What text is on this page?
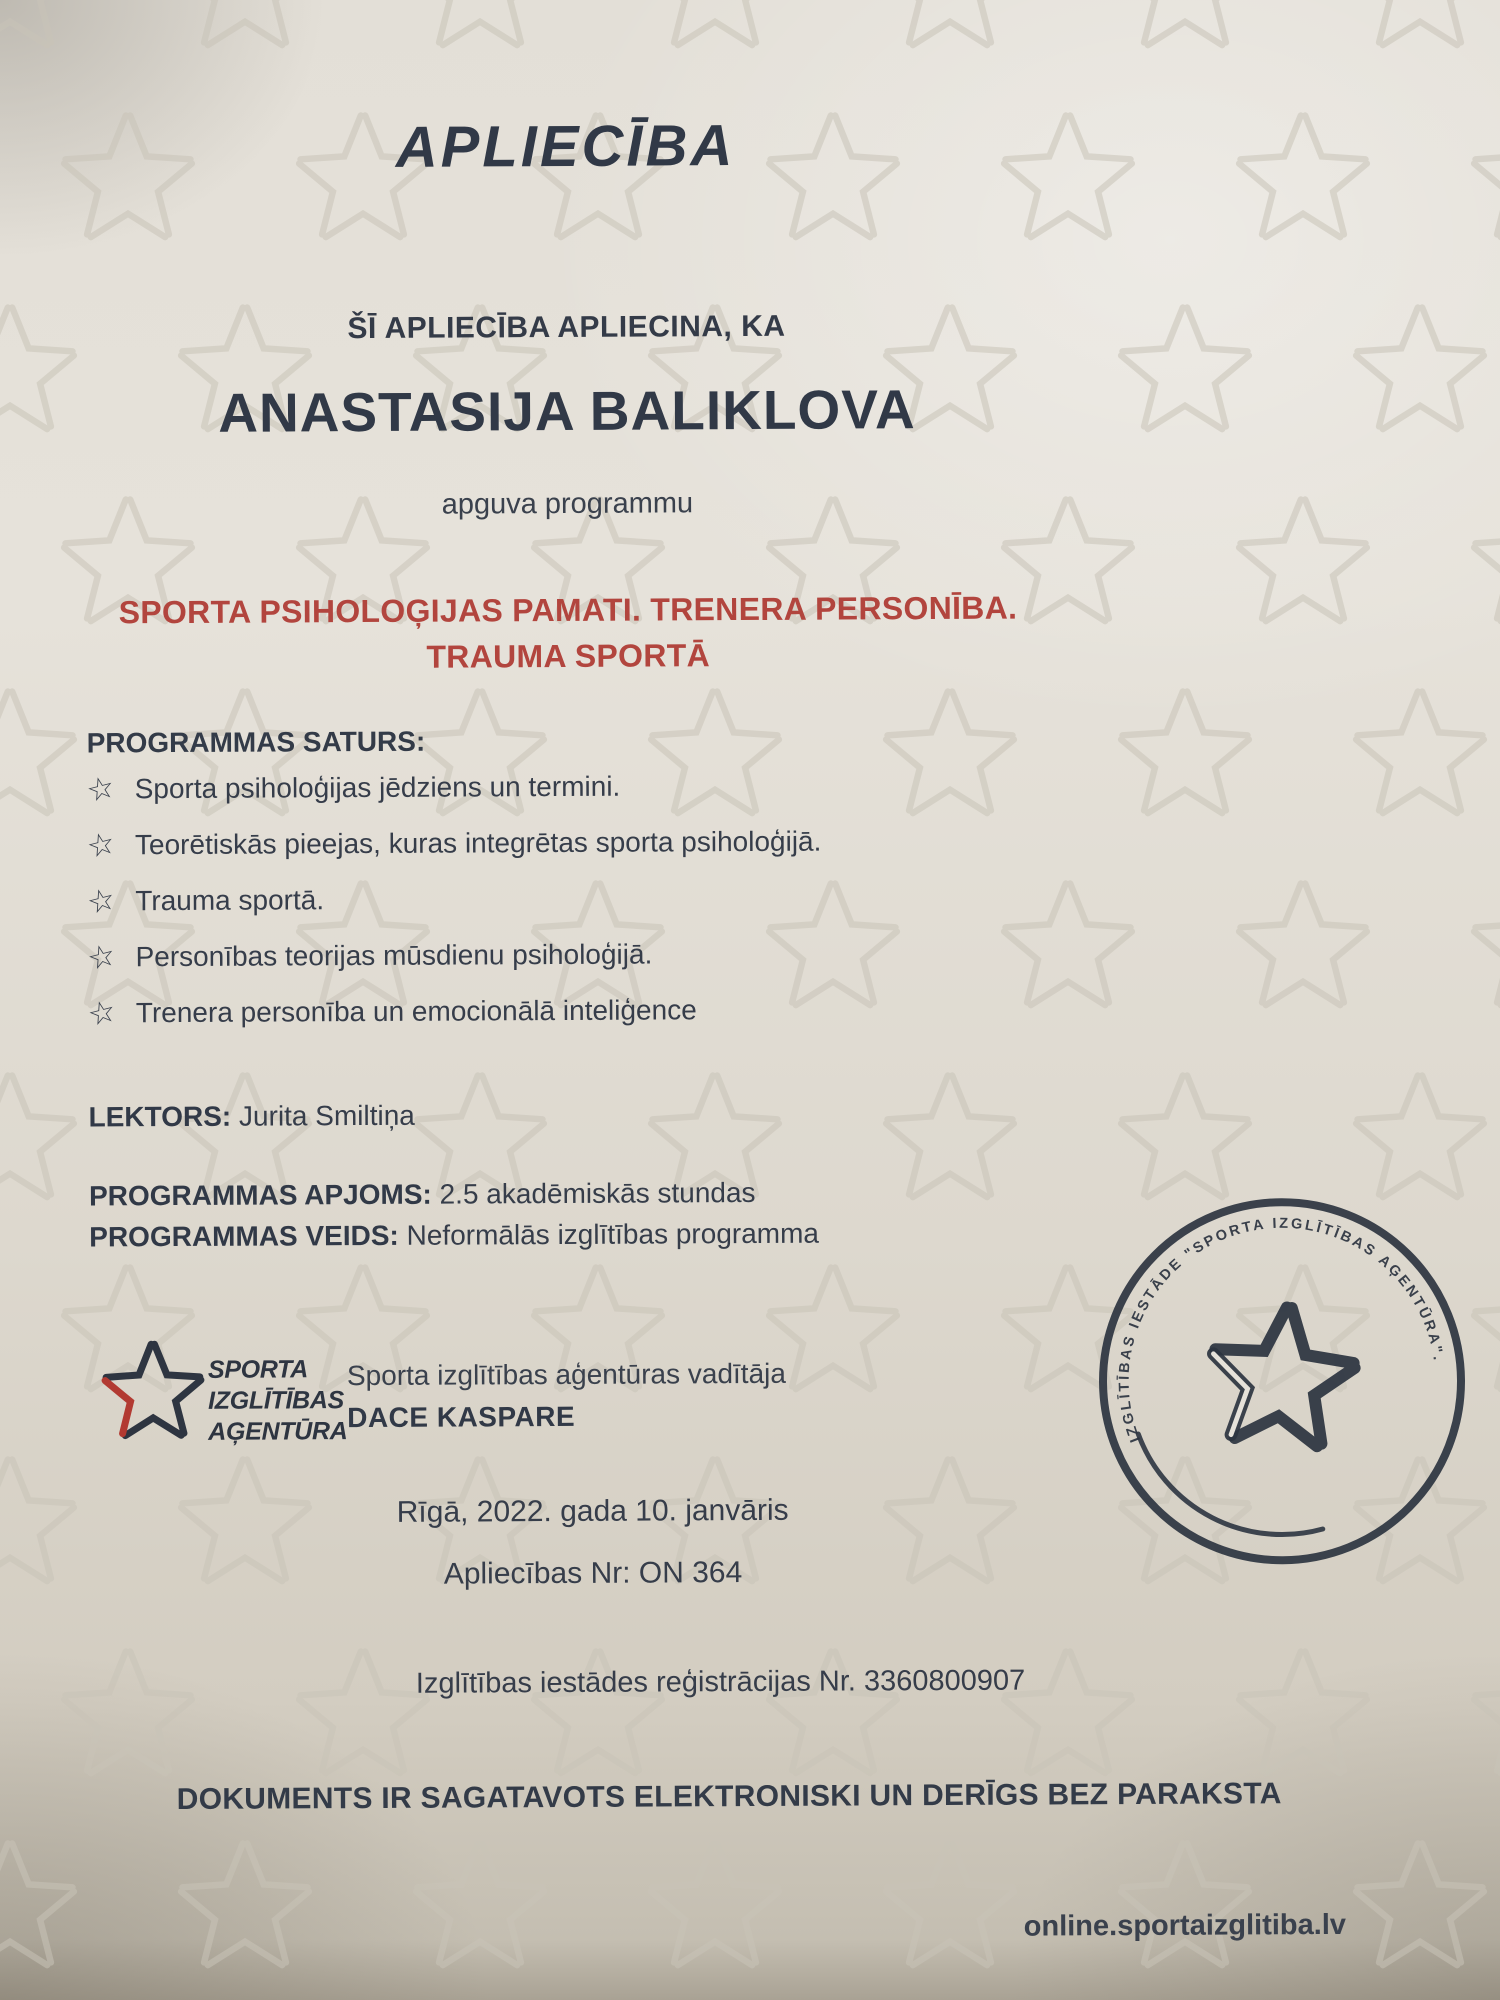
APLIECĪBA
ŠĪ APLIECĪBA APLIECINA, KA
ANASTASIJA BALIKLOVA
apguva programmu
SPORTA PSIHOLOĢIJAS PAMATI. TRENERA PERSONĪBA.
TRAUMA SPORTĀ
PROGRAMMAS SATURS:
☆ Sporta psiholoģijas jēdziens un termini.
☆ Teorētiskās pieejas, kuras integrētas sporta psiholoģijā.
☆ Trauma sportā.
☆ Personības teorijas mūsdienu psiholoģijā.
☆ Trenera personība un emocionālā inteliģence
LEKTORS: Jurita Smiltiņa
PROGRAMMAS APJOMS: 2.5 akadēmiskās stundas
PROGRAMMAS VEIDS: Neformālās izglītības programma
SPORTA
IZGLĪTĪBAS
AĢENTŪRA
Sporta izglītības aģentūras vadītāja
DACE KASPARE
IZGLĪTĪBAS IESTĀDE "SPORTA IZGLĪTĪBAS AĢENTŪRA".
Rīgā, 2022. gada 10. janvāris
Apliecības Nr: ON 364
Izglītības iestādes reģistrācijas Nr. 3360800907
DOKUMENTS IR SAGATAVOTS ELEKTRONISKI UN DERĪGS BEZ PARAKSTA
online.sportaizglitiba.lv
